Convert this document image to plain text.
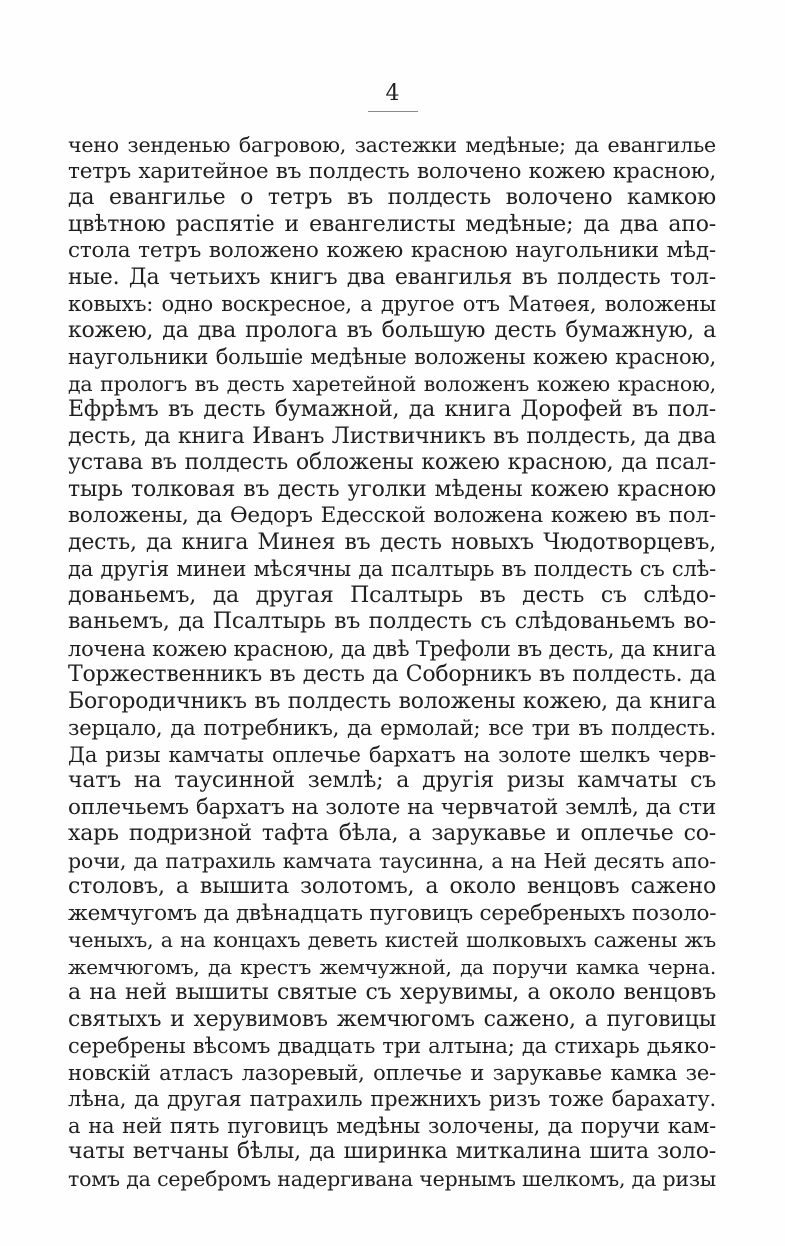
4
чено зенденью багровою, застежки медѣные; да евангилье
тетръ харитейное въ полдесть волочено кожею красною,
да евангилье о тетръ въ полдесть волочено камкою
цвѣтною распятіе и евангелисты медѣные; да два апо-
стола тетръ воложено кожею красною наугольники мѣд-
ные. Да четьихъ книгъ два евангилья въ полдесть тол-
ковыхъ: одно воскресное, а другое отъ Матѳея, воложены
кожею, да два пролога въ большую десть бумажную, а
наугольники большіе медѣные воложены кожею красною,
да прологъ въ десть харетейной воложенъ кожею красною,
Ефрѣмъ въ десть бумажной, да книга Дорофей въ пол-
десть, да книга Иванъ Листвичникъ въ полдесть, да два
устава въ полдесть обложены кожею красною, да псал-
тырь толковая въ десть уголки мѣдены кожею красною
воложены, да Ѳедоръ Едесской воложена кожею въ пол-
десть, да книга Минея въ десть новыхъ Чюдотворцевъ,
да другія минеи мѣсячны да псалтырь въ полдесть съ слѣ-
дованьемъ, да другая Псалтырь въ десть съ слѣдо-
ваньемъ, да Псалтырь въ полдесть съ слѣдованьемъ во-
лочена кожею красною, да двѣ Трефоли въ десть, да книга
Торжественникъ въ десть да Соборникъ въ полдесть. да
Богородичникъ въ полдесть воложены кожею, да книга
зерцало, да потребникъ, да ермолай; все три въ полдесть.
Да ризы камчаты оплечье бархатъ на золоте шелкъ черв-
чатъ на таусинной землѣ; а другія ризы камчаты съ
оплечьемъ бархатъ на золоте на червчатой землѣ, да сти
харь подризной тафта бѣла, а зарукавье и оплечье со-
рочи, да патрахиль камчата таусинна, а на Ней десять апо-
столовъ, а вышита золотомъ, а около венцовъ сажено
жемчугомъ да двѣнадцать пуговицъ серебреныхъ позоло-
ченыхъ, а на концахъ деветь кистей шолковыхъ сажены жъ
жемчюгомъ, да крестъ жемчужной, да поручи камка черна.
а на ней вышиты святые съ херувимы, а около венцовъ
святыхъ и херувимовъ жемчюгомъ сажено, а пуговицы
серебрены вѣсомъ двадцать три алтына; да стихарь дьяко-
новскій атласъ лазоревый, оплечье и зарукавье камка зе-
лѣна, да другая патрахиль прежнихъ ризъ тоже барахату.
а на ней пять пуговицъ медѣны золочены, да поручи кам-
чаты ветчаны бѣлы, да ширинка миткалина шита золо-
томъ да серебромъ надергивана чернымъ шелкомъ, да ризы
